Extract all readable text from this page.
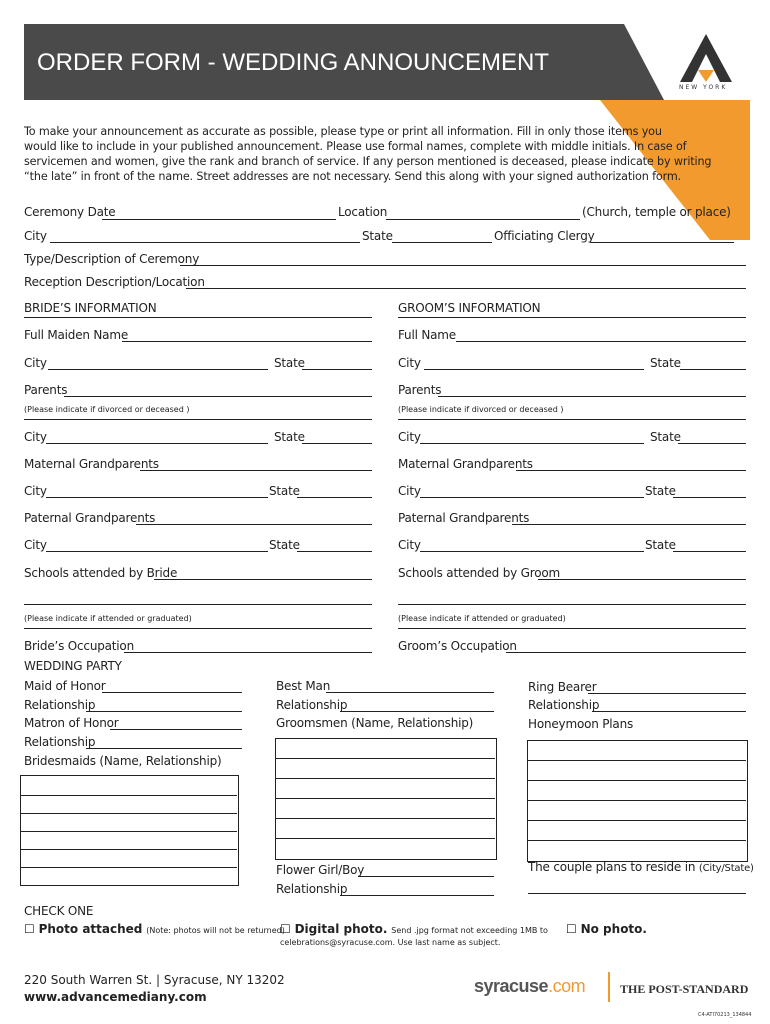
ORDER FORM - WEDDING ANNOUNCEMENT
NEW YORK
To make your announcement as accurate as possible, please type or print all information. Fill in only those items you
would like to include in your published announcement. Please use formal names, complete with middle initials. In case of
servicemen and women, give the rank and branch of service. If any person mentioned is deceased, please indicate by writing
“the late” in front of the name. Street addresses are not necessary. Send this along with your signed authorization form.
Ceremony Date	Location	(Church, temple or place)
City	State	Officiating Clergy
Type/Description of Ceremony
Reception Description/Location
BRIDE’S INFORMATION
Full Maiden Name
City	State
Parents
(Please indicate if divorced or deceased )
City	State
Maternal Grandparents
City	State
Paternal Grandparents
City	State
Schools attended by Bride
(Please indicate if attended or graduated)
Bride’s Occupation
GROOM’S INFORMATION
Full Name
City	State
Parents
(Please indicate if divorced or deceased )
City	State
Maternal Grandparents
City	State
Paternal Grandparents
City	State
Schools attended by Groom
(Please indicate if attended or graduated)
Groom’s Occupation
WEDDING PARTY
Maid of Honor
Relationship
Matron of Honor
Relationship
Bridesmaids (Name, Relationship)
Best Man
Relationship
Groomsmen (Name, Relationship)
Flower Girl/Boy
Relationship
Ring Bearer
Relationship
Honeymoon Plans
The couple plans to reside in (City/State)
CHECK ONE
☐ Photo attached (Note: photos will not be returned)
☐ Digital photo. Send .jpg format not exceeding 1MB to
celebrations@syracuse.com. Use last name as subject.
☐ No photo.
220 South Warren St. | Syracuse, NY 13202
www.advancemediany.com
syracuse.com	THE POST-STANDARD
C4-ATI70213_134844
